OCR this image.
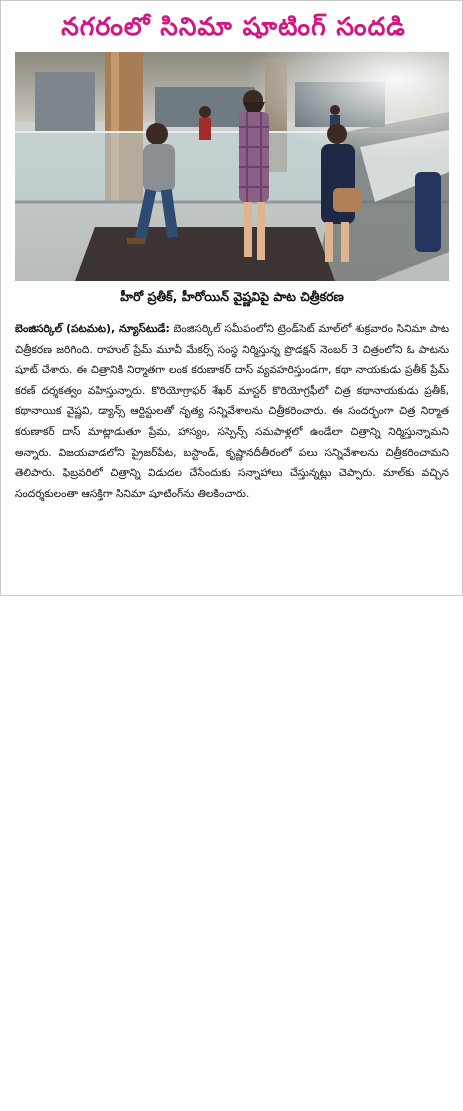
నగరంలో సినిమా షూటింగ్ సందడి
హీరో ప్రతీక్, హీరోయిన్ వైష్ణవిపై పాట చిత్రీకరణ
బెంజిసర్కిల్ (పటమట), న్యూస్‌టుడే: బెంజిసర్కిల్ సమీపంలోని ట్రెండ్‌సెట్ మాల్‌లో శుక్రవారం సినిమా పాట చిత్రీకరణ జరిగింది. రాహుల్ ప్రేమ్ మూవీ మేకర్స్ సంస్థ నిర్మిస్తున్న ప్రొడక్షన్ నెంబర్ 3 చిత్రంలోని ఓ పాటను షూట్ చేశారు. ఈ చిత్రానికి నిర్మాతగా లంక కరుణాకర్ దాస్ వ్యవహరిస్తుండగా, కథా నాయకుడు ప్రతీక్ ప్రేమ్ కరణ్ దర్శకత్వం వహిస్తున్నారు. కొరియోగ్రాఫర్ శేఖర్ మాస్టర్ కొరియోగ్రఫీలో చిత్ర కథానాయకుడు ప్రతీక్, కథానాయిక వైష్ణవి, డ్యాన్స్ ఆర్టిస్టులతో నృత్య సన్నివేశాలను చిత్రీకరించారు. ఈ సందర్భంగా చిత్ర నిర్మాత కరుణాకర్ దాస్ మాట్లాడుతూ ప్రేమ, హాస్యం, సస్పెన్స్ సమపాళ్లలో ఉండేలా చిత్రాన్ని నిర్మిస్తున్నామని అన్నారు. విజయవాడలోని ప్రైజర్‌పేట, బస్టాండ్, కృష్ణానదీతీరంలో పలు సన్నివేశాలను చిత్రీకరించామని తెలిపారు. ఫిబ్రవరిలో చిత్రాన్ని విడుదల చేసేందుకు సన్నాహాలు చేస్తున్నట్లు చెప్పారు. మాల్‌కు వచ్చిన సందర్శకులంతా ఆసక్తిగా సినిమా షూటింగ్‌ను తిలకించారు.
